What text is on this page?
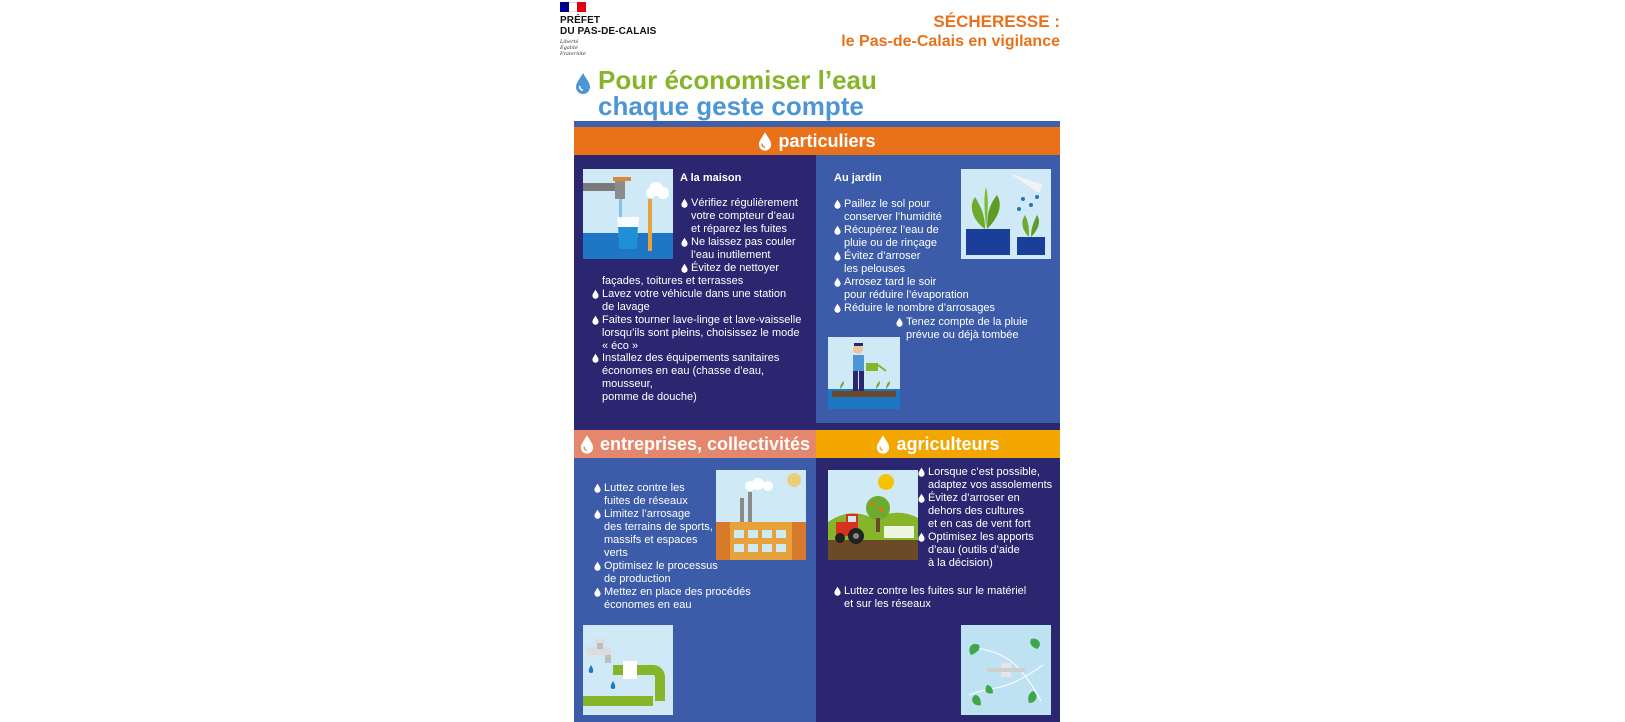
PRÉFET
DU PAS-DE-CALAIS
Liberté
Égalité
Fraternité
SÉCHERESSE :
le Pas-de-Calais en vigilance
Pour économiser l’eau
chaque geste compte
particuliers
A la maison
Vérifiez régulièrement
votre compteur d’eau
et réparez les fuites
Ne laissez pas couler
l’eau inutilement
Évitez de nettoyer
façades, toitures et terrasses
Lavez votre véhicule dans une station
de lavage
Faites tourner lave-linge et lave-vaisselle
lorsqu’ils sont pleins, choisissez le mode
« éco »
Installez des équipements sanitaires
économes en eau (chasse d’eau, mousseur,
pomme de douche)
Au jardin
Paillez le sol pour
conserver l’humidité
Récupérez l’eau de
pluie ou de rinçage
Évitez d’arroser
les pelouses
Arrosez tard le soir
pour réduire l’évaporation
Réduire le nombre d’arrosages
Tenez compte de la pluie
prévue ou déjà tombée
entreprises, collectivités	agriculteurs
Luttez contre les
fuites de réseaux
Limitez l’arrosage
des terrains de sports,
massifs et espaces
verts
Optimisez le processus
de production
Mettez en place des procédés
économes en eau
Lorsque c’est possible,
adaptez vos assolements
Évitez d’arroser en
dehors des cultures
et en cas de vent fort
Optimisez les apports
d’eau (outils d’aide
à la décision)
Luttez contre les fuites sur le matériel
et sur les réseaux
